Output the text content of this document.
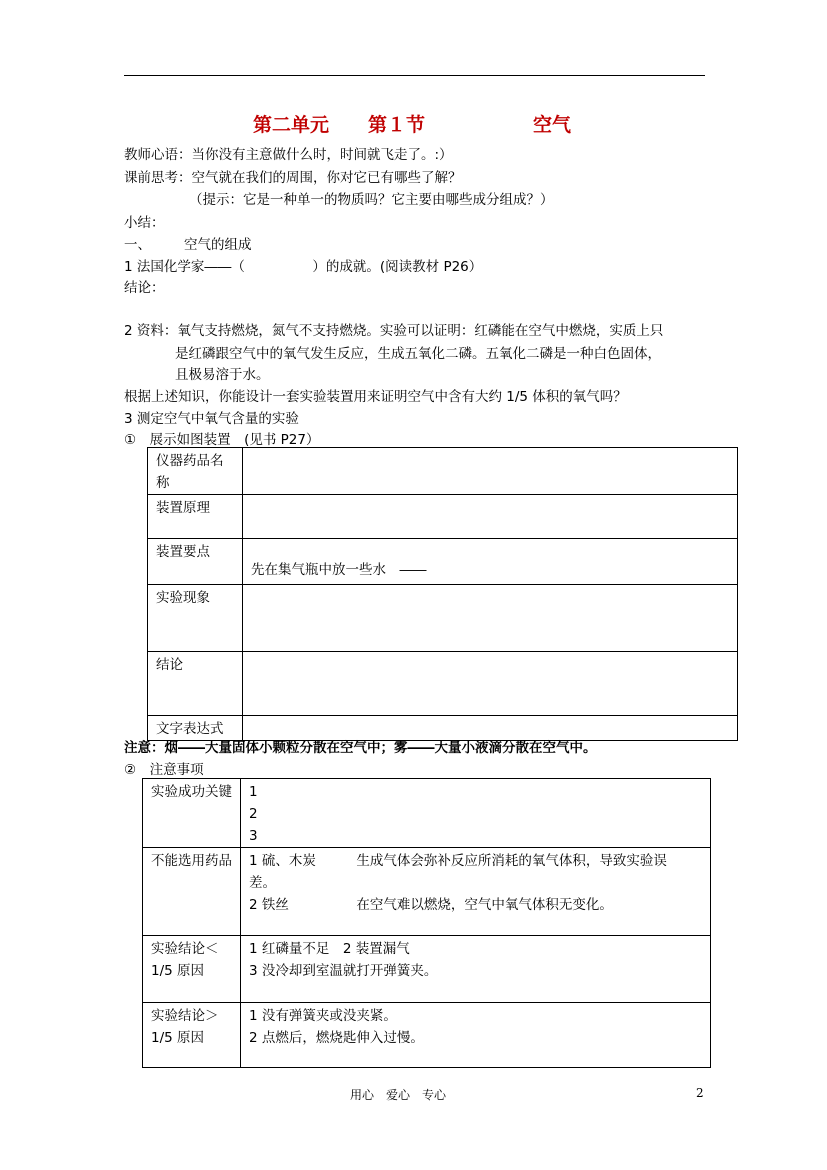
第二单元 第１节	空气
教师心语：当你没有主意做什么时，时间就飞走了。:）
课前思考：空气就在我们的周围，你对它已有哪些了解？
（提示：它是一种单一的物质吗？它主要由哪些成分组成？）
小结：
一、 空气的组成
1 法国化学家――（　　　　　）的成就。(阅读教材 P26）
结论：
2 资料：氧气支持燃烧，氮气不支持燃烧。实验可以证明：红磷能在空气中燃烧，实质上只
是红磷跟空气中的氧气发生反应，生成五氧化二磷。五氧化二磷是一种白色固体，
且极易溶于水。
根据上述知识，你能设计一套实验装置用来证明空气中含有大约 1/5 体积的氧气吗？
3 测定空气中氧气含量的实验
①　展示如图装置　(见书 P27）
仪器药品名称	
装置原理	
装置要点	先在集气瓶中放一些水　――
实验现象	
结论	
文字表达式	
注意：烟――大量固体小颗粒分散在空气中；雾――大量小液滴分散在空气中。
②　注意事项
实验成功关键	1
2
3

不能选用药品	1 硫、木炭　　　生成气体会弥补反应所消耗的氧气体积，导致实验误
差。
2 铁丝　　　　　在空气难以燃烧，空气中氧气体积无变化。

实验结论＜1/5 原因	1 红磷量不足　2 装置漏气
3 没冷却到室温就打开弹簧夹。

实验结论＞1/5 原因	1 没有弹簧夹或没夹紧。
2 点燃后，燃烧匙伸入过慢。
用心　爱心　专心	2
